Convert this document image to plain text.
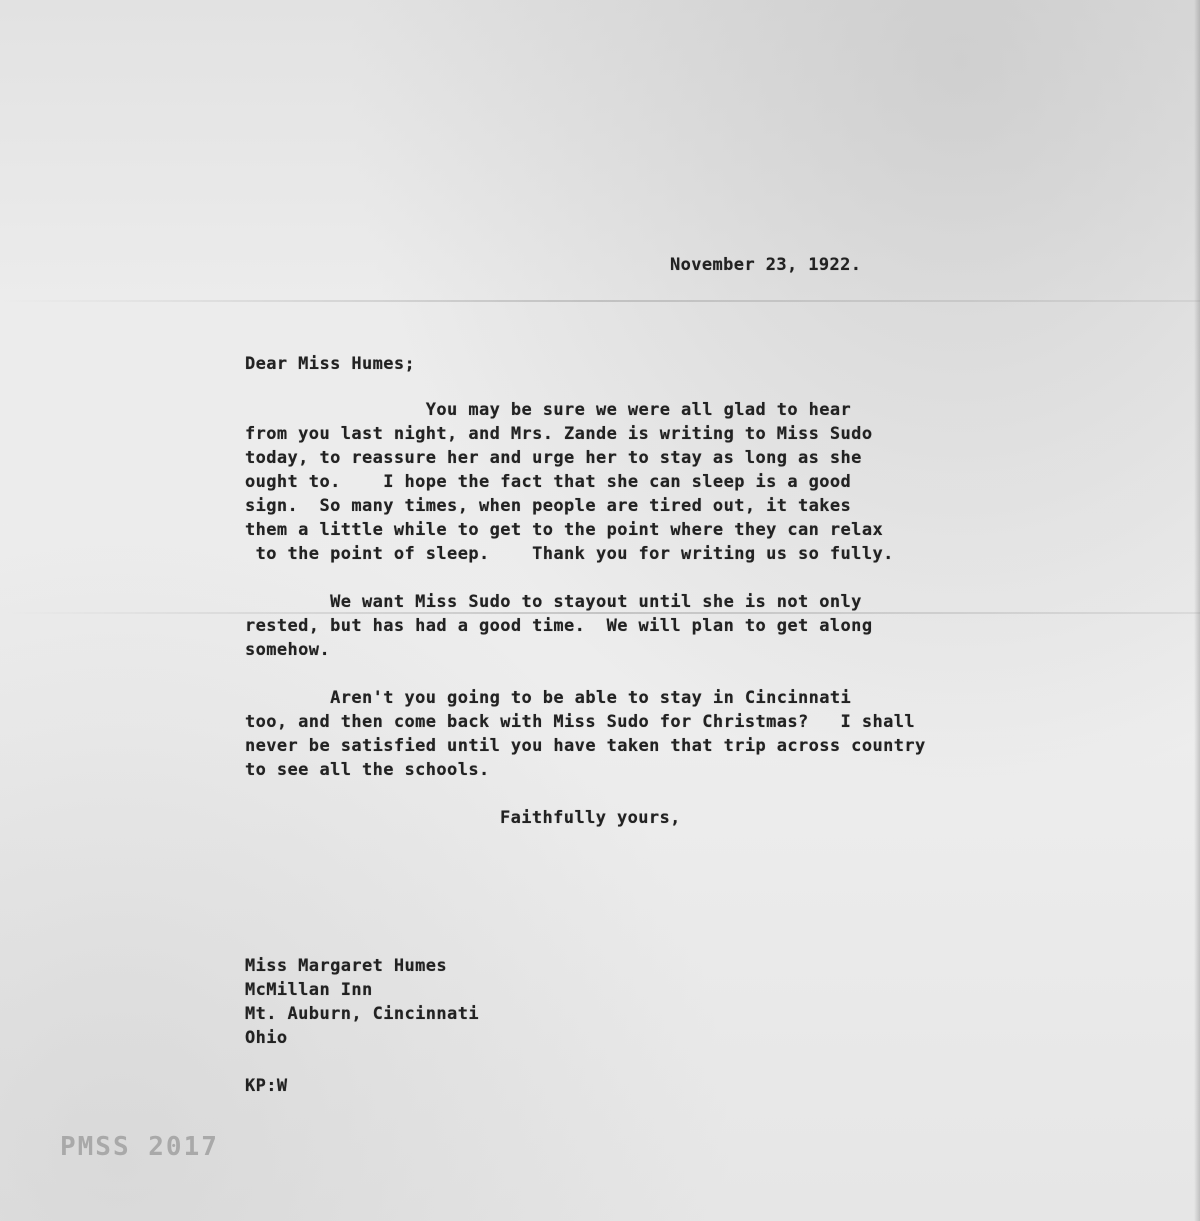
November 23, 1922.
Dear Miss Humes;
You may be sure we were all glad to hear
from you last night, and Mrs. Zande is writing to Miss Sudo
today, to reassure her and urge her to stay as long as she
ought to.    I hope the fact that she can sleep is a good
sign.  So many times, when people are tired out, it takes
them a little while to get to the point where they can relax
to the point of sleep.    Thank you for writing us so fully.
We want Miss Sudo to stayout until she is not only
rested, but has had a good time.  We will plan to get along
somehow.
Aren't you going to be able to stay in Cincinnati
too, and then come back with Miss Sudo for Christmas?   I shall
never be satisfied until you have taken that trip across country
to see all the schools.
Faithfully yours,
Miss Margaret Humes
McMillan Inn
Mt. Auburn, Cincinnati
Ohio
KP:W
PMSS 2017
